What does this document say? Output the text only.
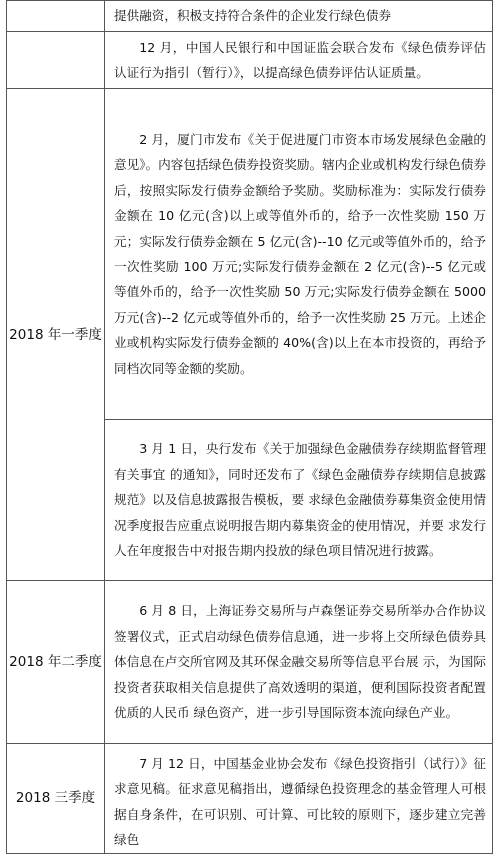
	提供融资，积极支持符合条件的企业发行绿色债券

	12 月，中国人民银行和中国证监会联合发布《绿色债券评估认证行为指引（暂行）》，以提高绿色债券评估认证质量。

2018 年一季度	2 月，厦门市发布《关于促进厦门市资本市场发展绿色金融的意见》。内容包括绿色债券投资奖励。辖内企业或机构发行绿色债券后，按照实际发行债券金额给予奖励。奖励标准为：实际发行债券金额在 10 亿元(含)以上或等值外币的，给予一次性奖励 150 万元；实际发行债券金额在 5 亿元(含)--10 亿元或等值外币的，给予一次性奖励 100 万元;实际发行债券金额在 2 亿元(含)--5 亿元或等值外币的，给予一次性奖励 50 万元;实际发行债券金额在 5000 万元(含)--2 亿元或等值外币的，给予一次性奖励 25 万元。上述企业或机构实际发行债券金额的 40%(含)以上在本市投资的，再给予同档次同等金额的奖励。

	3 月 1 日，央行发布《关于加强绿色金融债券存续期监督管理有关事宜 的通知》，同时还发布了《绿色金融债券存续期信息披露规范》以及信息披露报告模板，要 求绿色金融债券募集资金使用情况季度报告应重点说明报告期内募集资金的使用情况，并要 求发行人在年度报告中对报告期内投放的绿色项目情况进行披露。

2018 年二季度	6 月 8 日，上海证券交易所与卢森堡证券交易所举办合作协议签署仪式，正式启动绿色债券信息通，进一步将上交所绿色债券具体信息在卢交所官网及其环保金融交易所等信息平台展 示，为国际投资者获取相关信息提供了高效透明的渠道，便利国际投资者配置优质的人民币 绿色资产，进一步引导国际资本流向绿色产业。

2018 三季度	7 月 12 日，中国基金业协会发布《绿色投资指引（试行）》征求意见稿。征求意见稿指出，遵循绿色投资理念的基金管理人可根据自身条件，在可识别、可计算、可比较的原则下，逐步建立完善绿色
